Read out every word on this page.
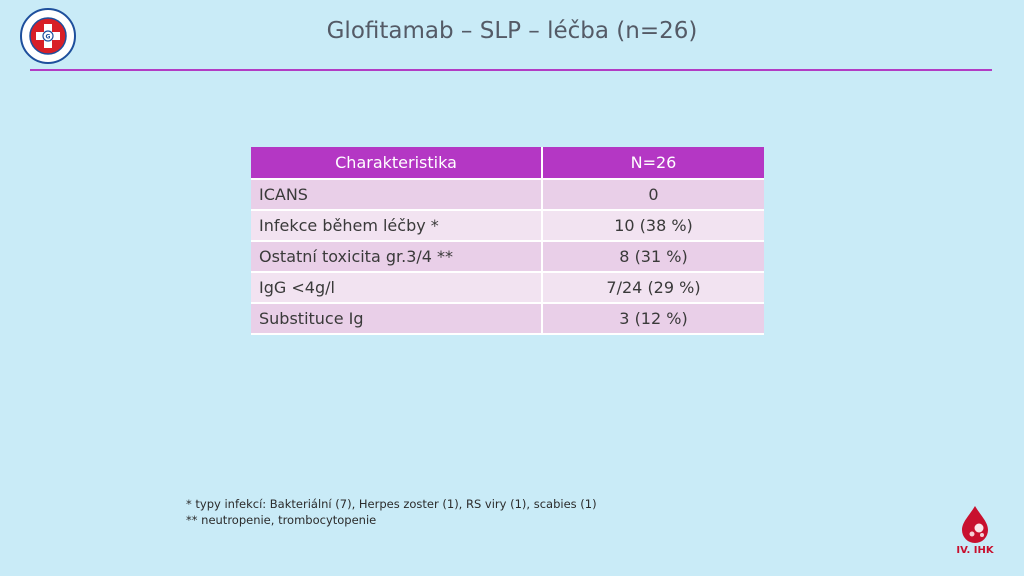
G	Glofitamab – SLP – léčba (n=26)
Charakteristika	N=26
ICANS	0
Infekce během léčby *	10 (38 %)
Ostatní toxicita gr.3/4 **	8 (31 %)
IgG <4g/l	7/24 (29 %)
Substituce Ig	3 (12 %)
* typy infekcí: Bakteriální (7), Herpes zoster (1), RS viry (1), scabies (1)
** neutropenie, trombocytopenie
IV. IHK
